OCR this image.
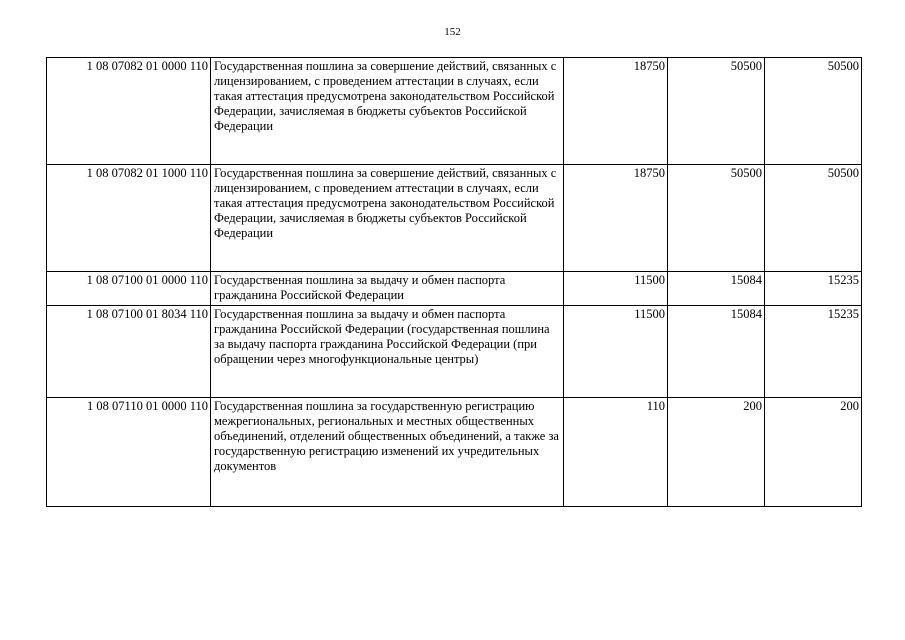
152
1 08 07082 01 0000 110	Государственная пошлина за совершение действий, связанных с лицензированием, с проведением аттестации в случаях, если такая аттестация предусмотрена законодательством Российской Федерации, зачисляемая в бюджеты субъектов Российской Федерации	18750	50500	50500
1 08 07082 01 1000 110	Государственная пошлина за совершение действий, связанных с лицензированием, с проведением аттестации в случаях, если такая аттестация предусмотрена законодательством Российской Федерации, зачисляемая в бюджеты субъектов Российской Федерации	18750	50500	50500
1 08 07100 01 0000 110	Государственная пошлина за выдачу и обмен паспорта гражданина Российской Федерации	11500	15084	15235
1 08 07100 01 8034 110	Государственная пошлина за выдачу и обмен паспорта гражданина Российской Федерации (государственная пошлина за выдачу паспорта гражданина Российской Федерации (при обращении через многофункциональные центры)	11500	15084	15235
1 08 07110 01 0000 110	Государственная пошлина за государственную регистрацию межрегиональных, региональных и местных общественных объединений, отделений общественных объединений, а также за государственную регистрацию изменений их учредительных документов	110	200	200
